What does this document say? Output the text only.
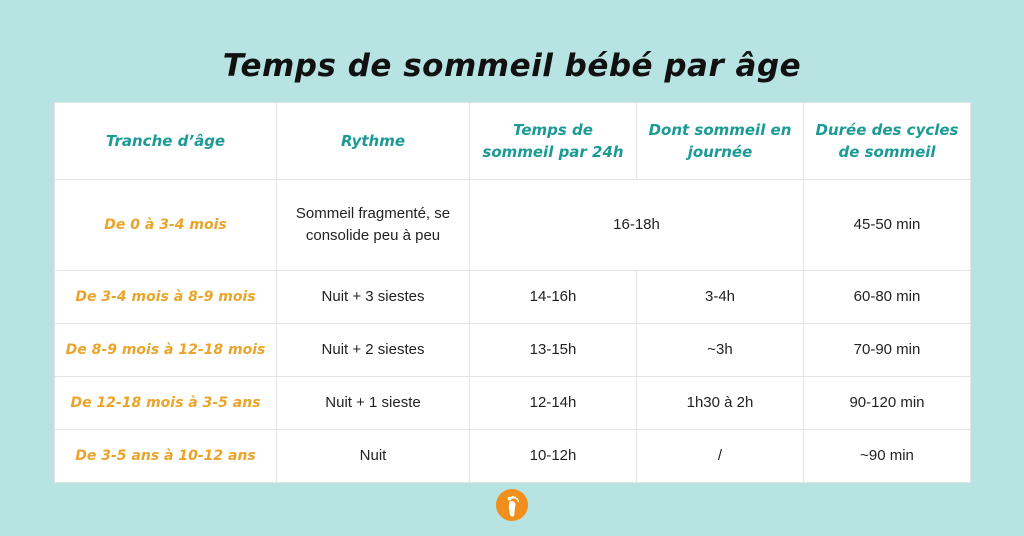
Temps de sommeil bébé par âge
Tranche d’âge	Rythme	Temps de sommeil par 24h	Dont sommeil en journée	Durée des cycles de sommeil
De 0 à 3-4 mois	Sommeil fragmenté, se consolide peu à peu	16-18h		45-50 min
De 3-4 mois à 8-9 mois	Nuit + 3 siestes	14-16h	3-4h	60-80 min
De 8-9 mois à 12-18 mois	Nuit + 2 siestes	13-15h	~3h	70-90 min
De 12-18 mois à 3-5 ans	Nuit + 1 sieste	12-14h	1h30 à 2h	90-120 min
De 3-5 ans à 10-12 ans	Nuit	10-12h	/	~90 min
